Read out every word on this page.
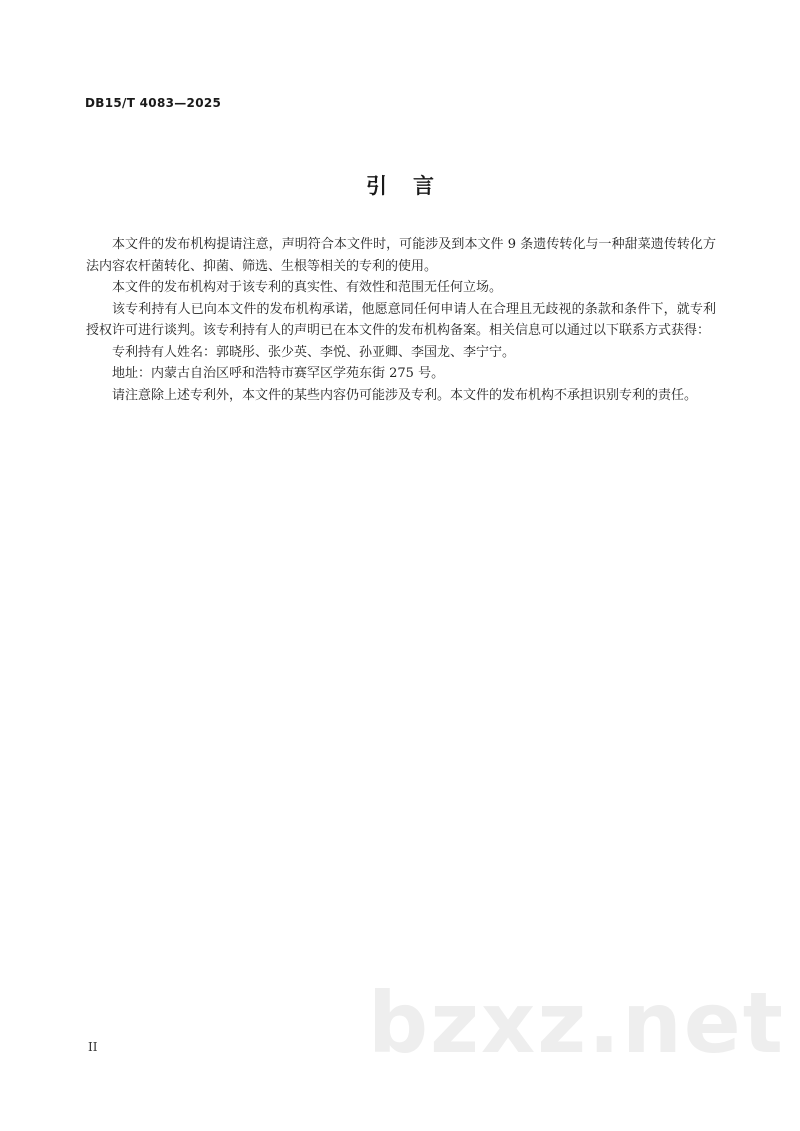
DB15/T 4083—2025
引言

本文件的发布机构提请注意，声明符合本文件时，可能涉及到本文件 9 条遗传转化与一种甜菜遗传转化方法内容农杆菌转化、抑菌、筛选、生根等相关的专利的使用。

本文件的发布机构对于该专利的真实性、有效性和范围无任何立场。

该专利持有人已向本文件的发布机构承诺，他愿意同任何申请人在合理且无歧视的条款和条件下，就专利授权许可进行谈判。该专利持有人的声明已在本文件的发布机构备案。相关信息可以通过以下联系方式获得：

专利持有人姓名：郭晓彤、张少英、李悦、孙亚卿、李国龙、李宁宁。

地址：内蒙古自治区呼和浩特市赛罕区学苑东街 275 号。

请注意除上述专利外，本文件的某些内容仍可能涉及专利。本文件的发布机构不承担识别专利的责任。

bzxz.net
II
